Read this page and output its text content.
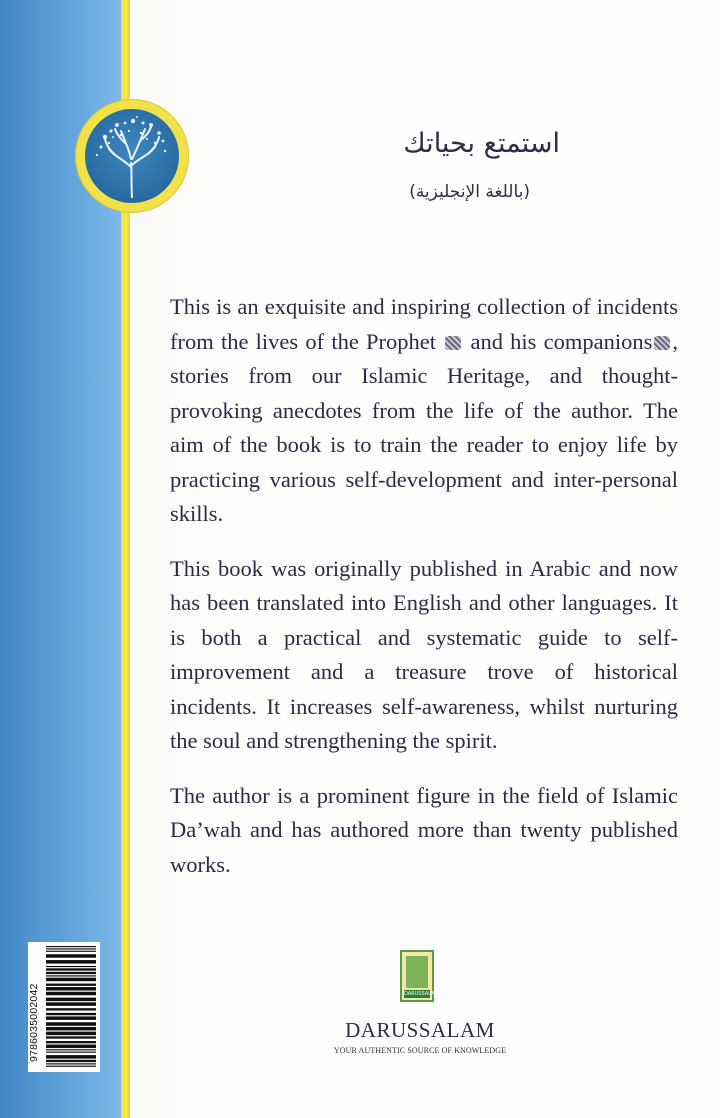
استمتع بحياتك
(باللغة الإنجليزية)

This is an exquisite and inspiring collection of incidents from the lives of the Prophet and his companions , stories from our Islamic Heritage, and thought-provoking anecdotes from the life of the author. The aim of the book is to train the reader to enjoy life by practicing various self-development and inter-personal skills.

This book was originally published in Arabic and now has been translated into English and other languages. It is both a practical and systematic guide to self-improvement and a treasure trove of historical incidents. It increases self-awareness, whilst nurturing the soul and strengthening the spirit.

The author is a prominent figure in the field of Islamic Da’wah and has authored more than twenty published works.

9786035002042	DARUSSALAM
DARUSSALAM
YOUR AUTHENTIC SOURCE OF KNOWLEDGE
